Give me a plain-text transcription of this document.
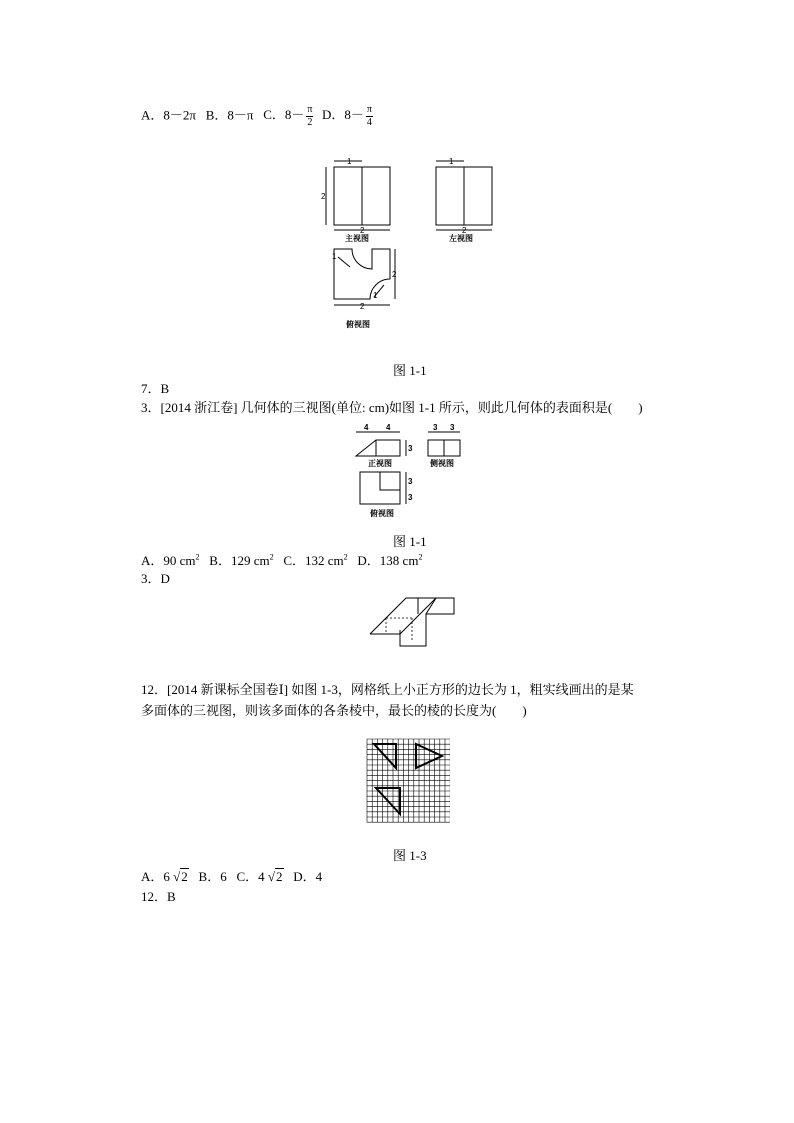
A．8－2π B．8－π C．$8- \frac{\pi}{2}$ D．$8- \frac{\pi}{4}$
1
2
2
主视图
1
2
左视图
1
2
1
2
俯视图
图 1-1
7．B
3．[2014 浙江卷] 几何体的三视图(单位: cm)如图 1-1 所示，则此几何体的表面积是(　　)
4 4
3
正视图
3 3
侧视图
3
3
俯视图
图 1-1
A．90 $cm^2$ B．129 $cm^2$ C．132 $cm^2$ D．138 $cm^2$
3．D
12．[2014 新课标全国卷Ⅰ] 如图 1-3，网格纸上小正方形的边长为 1，粗实线画出的是某
多面体的三视图，则该多面体的各条棱中，最长的棱的长度为(　　)
图 1-3
A．6 √2 B．6 C．4 √2 D．4
12．B
